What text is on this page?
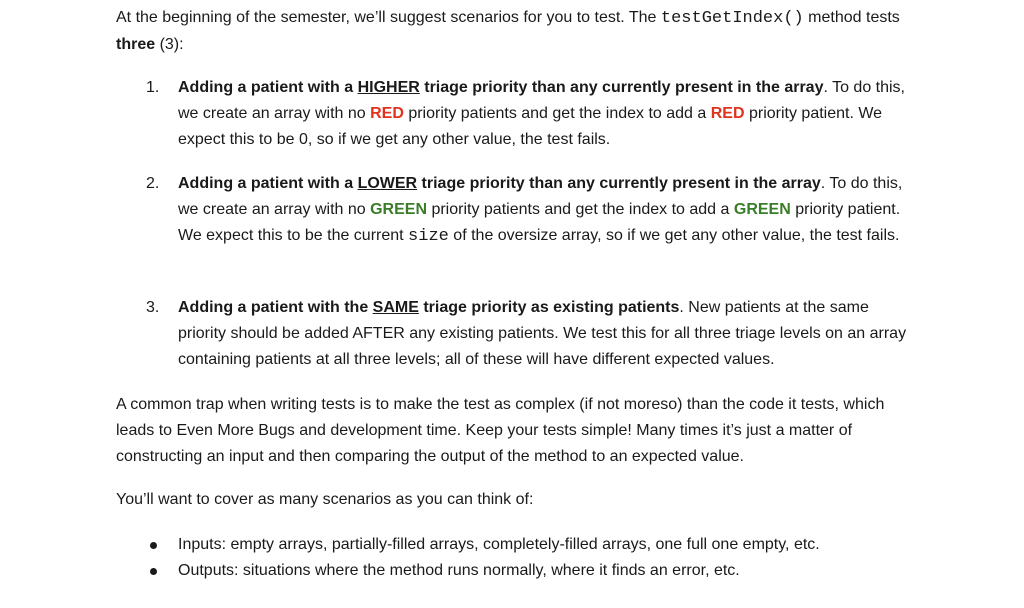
At the beginning of the semester, we’ll suggest scenarios for you to test. The testGetIndex() method tests three (3):

1.	Adding a patient with a HIGHER triage priority than any currently present in the array. To do this, we create an array with no RED priority patients and get the index to add a RED priority patient. We expect this to be 0, so if we get any other value, the test fails.
2.	Adding a patient with a LOWER triage priority than any currently present in the array. To do this, we create an array with no GREEN priority patients and get the index to add a GREEN priority patient. We expect this to be the current size of the oversize array, so if we get any other value, the test fails.
3.	Adding a patient with the SAME triage priority as existing patients. New patients at the same priority should be added AFTER any existing patients. We test this for all three triage levels on an array containing patients at all three levels; all of these will have different expected values.

A common trap when writing tests is to make the test as complex (if not moreso) than the code it tests, which leads to Even More Bugs and development time. Keep your tests simple! Many times it’s just a matter of constructing an input and then comparing the output of the method to an expected value.

You’ll want to cover as many scenarios as you can think of:

Inputs: empty arrays, partially-filled arrays, completely-filled arrays, one full one empty, etc.
Outputs: situations where the method runs normally, where it finds an error, etc.
